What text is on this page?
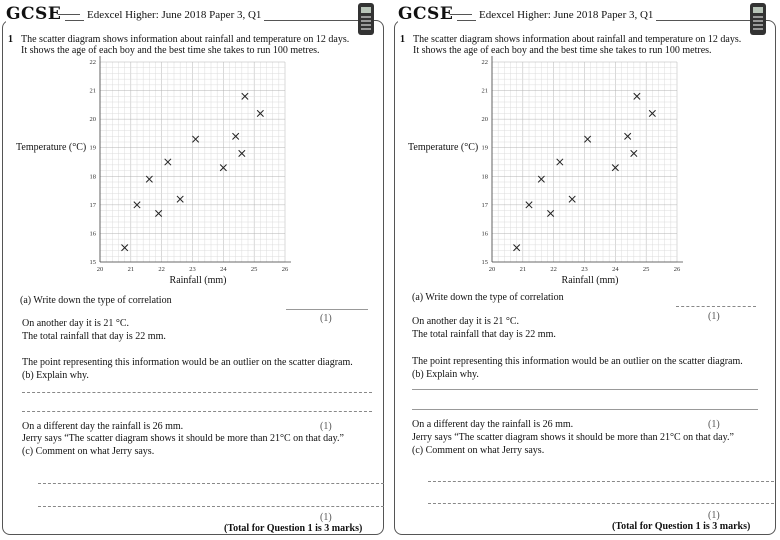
GCSE	Edexcel Higher: June 2018 Paper 3, Q1
1 The scatter diagram shows information about rainfall and temperature on 12 days.
It shows the age of each boy and the best time she takes to run 100 metres.
20	21	22	23	24	25	26
15
16
17
18
19
20
21
22
Temperature (°C)
Rainfall (mm)
(a) Write down the type of correlation
(1)
On another day it is 21 °C.
The total rainfall that day is 22 mm.
The point representing this information would be an outlier on the scatter diagram.
(b) Explain why.
On a different day the rainfall is 26 mm.	(1)
Jerry says “The scatter diagram shows it should be more than 21°C on that day.”
(c) Comment on what Jerry says.
(1)
(Total for Question 1 is 3 marks)
GCSE	Edexcel Higher: June 2018 Paper 3, Q1
1 The scatter diagram shows information about rainfall and temperature on 12 days.
It shows the age of each boy and the best time she takes to run 100 metres.
20	21	22	23	24	25	26
15
16
17
18
19
20
21
22
Temperature (°C)
Rainfall (mm)
(a) Write down the type of correlation
(1)
On another day it is 21 °C.
The total rainfall that day is 22 mm.
The point representing this information would be an outlier on the scatter diagram.
(b) Explain why.
On a different day the rainfall is 26 mm.	(1)
Jerry says “The scatter diagram shows it should be more than 21°C on that day.”
(c) Comment on what Jerry says.
(1)
(Total for Question 1 is 3 marks)
